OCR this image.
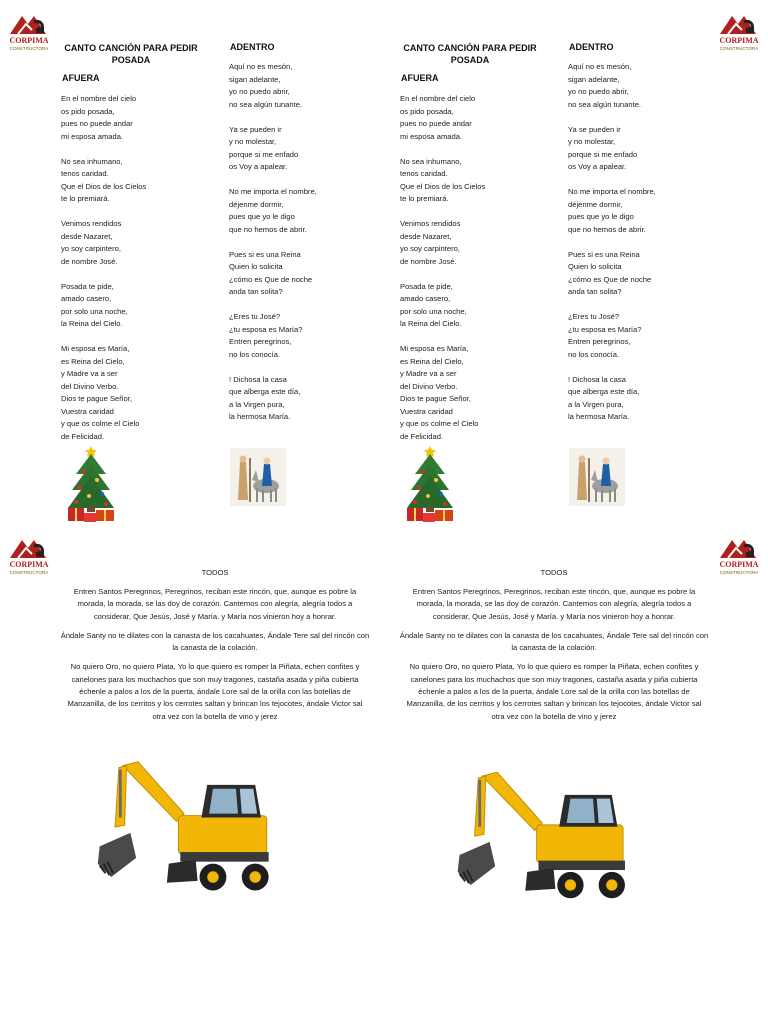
CORPIMA
CONSTRUCTORA
CORPIMA
CONSTRUCTORA
CORPIMA
CONSTRUCTORA
CORPIMA
CONSTRUCTORA
CANTO CANCIÓN PARA PEDIR POSADA
AFUERA
ADENTRO
En el nombre del cielo
os pido posada,
pues no puede andar
mi esposa amada.
No sea inhumano,
tenos caridad.
Que el Dios de los Cielos
te lo premiará.
Venimos rendidos
desde Nazaret,
yo soy carpintero,
de nombre José.
Posada te pide,
amado casero,
por solo una noche,
la Reina del Cielo.
Mi esposa es María,
es Reina del Cielo,
y Madre va a ser
del Divino Verbo.
Dios te pague Señor,
Vuestra caridad
y que os colme el Cielo
de Felicidad.
Aquí no es mesón,
sigan adelante,
yo no puedo abrir,
no sea algún tunante.
Ya se pueden ir
y no molestar,
porque si me enfado
os Voy a apalear.
No me importa el nombre,
déjenme dormir,
pues que yo le digo
que no hemos de abrir.
Pues si es una Reina
Quien lo solicita
¿cómo es Que de noche
anda tan solita?
¿Eres tu José?
¿tu esposa es María?
Entren peregrinos,
no los conocía.
! Dichosa la casa
que alberga este día,
a la Virgen pura,
la hermosa María.
CANTO CANCIÓN PARA PEDIR POSADA
AFUERA
ADENTRO
En el nombre del cielo
os pido posada,
pues no puede andar
mi esposa amada.
No sea inhumano,
tenos caridad.
Que el Dios de los Cielos
te lo premiará.
Venimos rendidos
desde Nazaret,
yo soy carpintero,
de nombre José.
Posada te pide,
amado casero,
por solo una noche,
la Reina del Cielo.
Mi esposa es María,
es Reina del Cielo,
y Madre va a ser
del Divino Verbo.
Dios te pague Señor,
Vuestra caridad
y que os colme el Cielo
de Felicidad.
Aquí no es mesón,
sigan adelante,
yo no puedo abrir,
no sea algún tunante.
Ya se pueden ir
y no molestar,
porque si me enfado
os Voy a apalear.
No me importa el nombre,
déjenme dormir,
pues que yo le digo
que no hemos de abrir.
Pues si es una Reina
Quien lo solicita
¿cómo es Que de noche
anda tan solita?
¿Eres tu José?
¿tu esposa es María?
Entren peregrinos,
no los conocía.
! Dichosa la casa
que alberga este día,
a la Virgen pura,
la hermosa María.
TODOS
Entren Santos Peregrinos, Peregrinos, reciban este rincón, que, aunque es pobre la morada, la morada, se las doy de corazón. Cantemos con alegría, alegría todos a considerar, Que Jesús, José y María. y María nos vinieron hoy a honrar.
Ándale Santy no te dilates con la canasta de los cacahuates, Ándale Tere sal del rincón con la canasta de la colación.
No quiero Oro, no quiero Plata, Yo lo que quiero es romper la Piñata, echen confites y canelones para los muchachos que son muy tragones, castaña asada y piña cubierta échenle a palos a los de la puerta, ándale Lore sal de la orilla con las botellas de Manzanilla, de los cerritos y los cerrotes saltan y brincan los tejocotes, ándale Victor sal otra vez con la botella de vino y jerez
TODOS
Entren Santos Peregrinos, Peregrinos, reciban este rincón, que, aunque es pobre la morada, la morada, se las doy de corazón. Cantemos con alegría, alegría todos a considerar, Que Jesús, José y María. y María nos vinieron hoy a honrar.
Ándale Santy no te dilates con la canasta de los cacahuates, Ándale Tere sal del rincón con la canasta de la colación.
No quiero Oro, no quiero Plata, Yo lo que quiero es romper la Piñata, echen confites y canelones para los muchachos que son muy tragones, castaña asada y piña cubierta échenle a palos a los de la puerta, ándale Lore sal de la orilla con las botellas de Manzanilla, de los cerritos y los cerrotes saltan y brincan los tejocotes, ándale Victor sal otra vez con la botella de vino y jerez
